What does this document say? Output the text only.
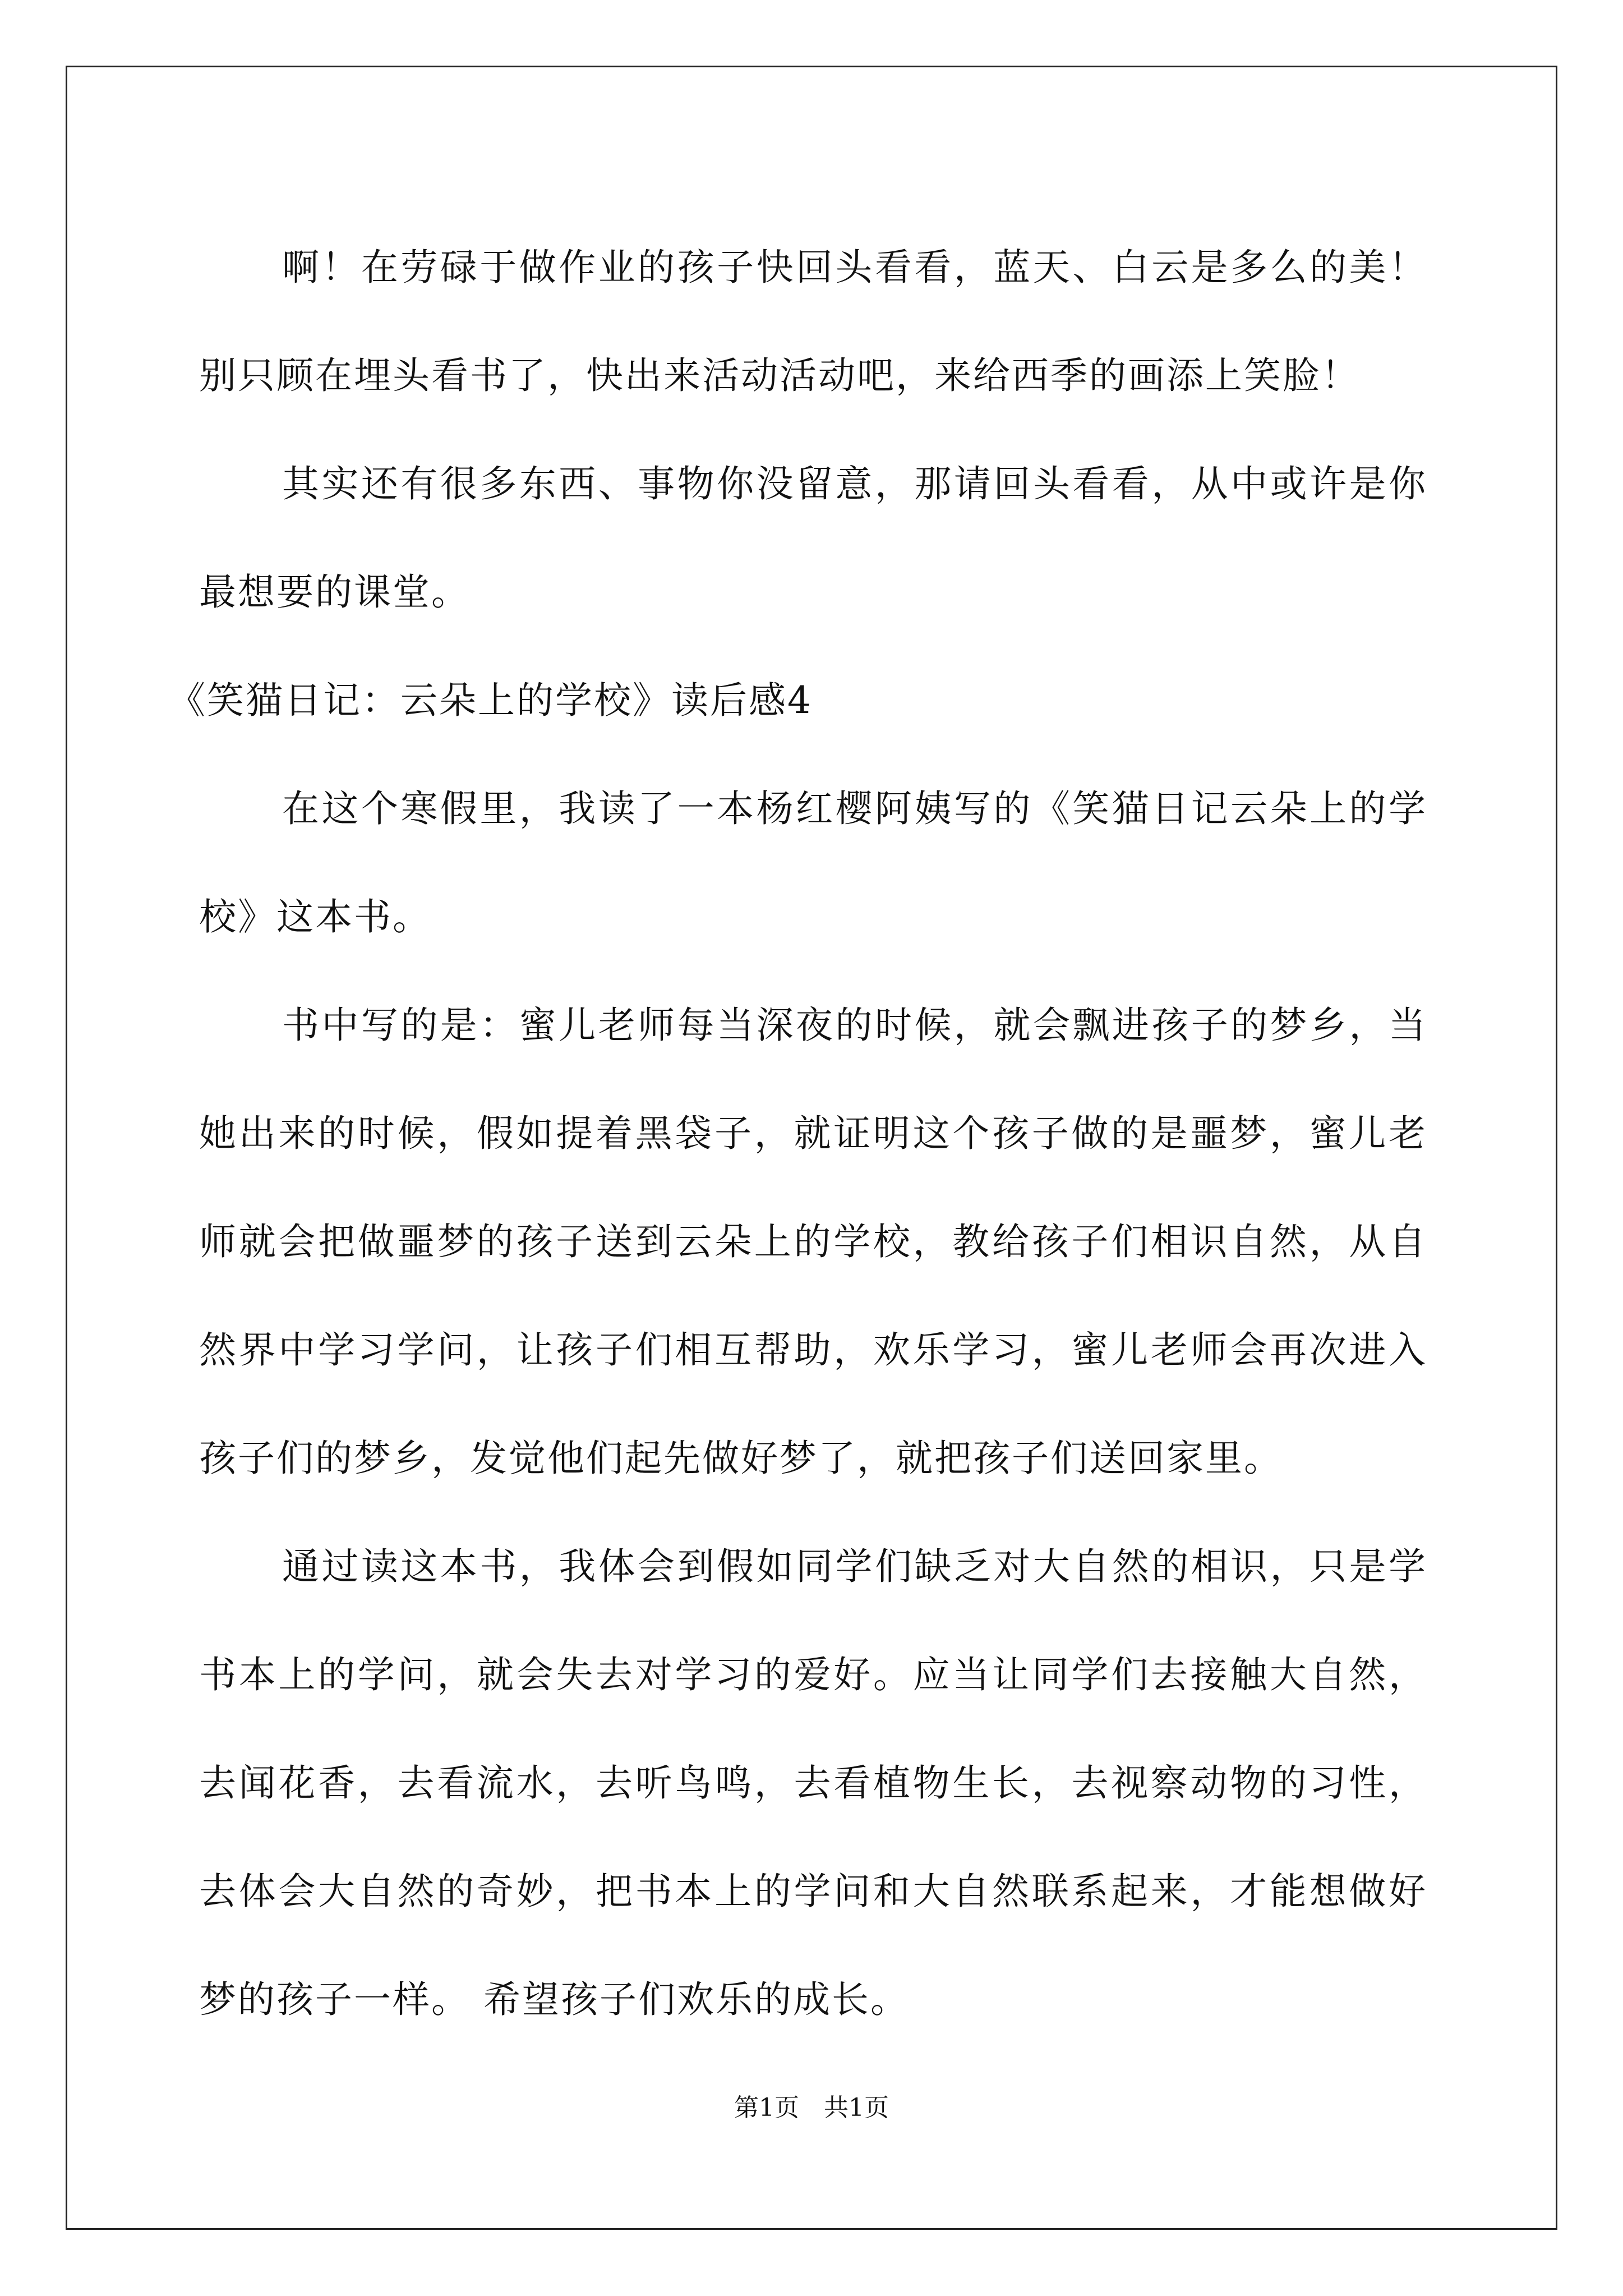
啊！在劳碌于做作业的孩子快回头看看，蓝天、白云是多么的美！别只顾在埋头看书了，快出来活动活动吧，来给西季的画添上笑脸！

其实还有很多东西、事物你没留意，那请回头看看，从中或许是你最想要的课堂。

《笑猫日记：云朵上的学校》读后感4

在这个寒假里，我读了一本杨红樱阿姨写的《笑猫日记云朵上的学校》这本书。

书中写的是：蜜儿老师每当深夜的时候，就会飘进孩子的梦乡，当她出来的时候，假如提着黑袋子，就证明这个孩子做的是噩梦，蜜儿老师就会把做噩梦的孩子送到云朵上的学校，教给孩子们相识自然，从自然界中学习学问，让孩子们相互帮助，欢乐学习，蜜儿老师会再次进入孩子们的梦乡，发觉他们起先做好梦了，就把孩子们送回家里。

通过读这本书，我体会到假如同学们缺乏对大自然的相识，只是学书本上的学问，就会失去对学习的爱好。应当让同学们去接触大自然，去闻花香，去看流水，去听鸟鸣，去看植物生长，去视察动物的习性，去体会大自然的奇妙，把书本上的学问和大自然联系起来，才能想做好梦的孩子一样。 希望孩子们欢乐的成长。

第1页　共1页
